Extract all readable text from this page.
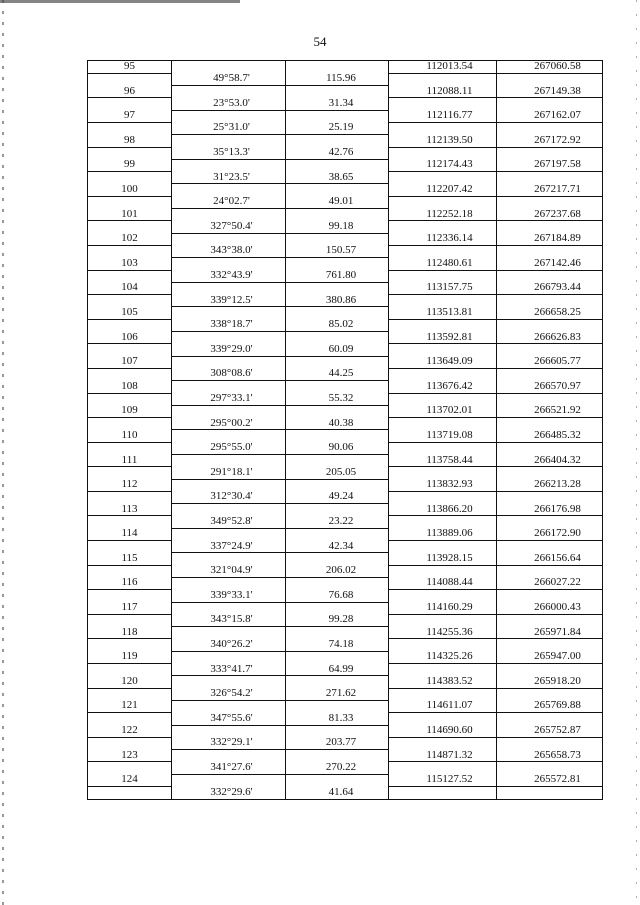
54
95			112013.54	267060.58
	49°58.7'	115.96		
96			112088.11	267149.38
	23°53.0'	31.34		
97			112116.77	267162.07
	25°31.0'	25.19		
98			112139.50	267172.92
	35°13.3'	42.76		
99			112174.43	267197.58
	31°23.5'	38.65		
100			112207.42	267217.71
	24°02.7'	49.01		
101			112252.18	267237.68
	327°50.4'	99.18		
102			112336.14	267184.89
	343°38.0'	150.57		
103			112480.61	267142.46
	332°43.9'	761.80		
104			113157.75	266793.44
	339°12.5'	380.86		
105			113513.81	266658.25
	338°18.7'	85.02		
106			113592.81	266626.83
	339°29.0'	60.09		
107			113649.09	266605.77
	308°08.6'	44.25		
108			113676.42	266570.97
	297°33.1'	55.32		
109			113702.01	266521.92
	295°00.2'	40.38		
110			113719.08	266485.32
	295°55.0'	90.06		
111			113758.44	266404.32
	291°18.1'	205.05		
112			113832.93	266213.28
	312°30.4'	49.24		
113			113866.20	266176.98
	349°52.8'	23.22		
114			113889.06	266172.90
	337°24.9'	42.34		
115			113928.15	266156.64
	321°04.9'	206.02		
116			114088.44	266027.22
	339°33.1'	76.68		
117			114160.29	266000.43
	343°15.8'	99.28		
118			114255.36	265971.84
	340°26.2'	74.18		
119			114325.26	265947.00
	333°41.7'	64.99		
120			114383.52	265918.20
	326°54.2'	271.62		
121			114611.07	265769.88
	347°55.6'	81.33		
122			114690.60	265752.87
	332°29.1'	203.77		
123			114871.32	265658.73
	341°27.6'	270.22		
124			115127.52	265572.81
	332°29.6'	41.64		
